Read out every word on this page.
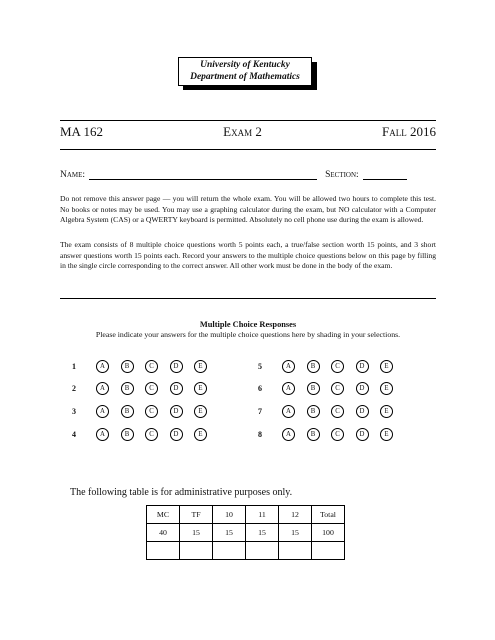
University of Kentucky
Department of Mathematics
MA 162	Exam 2	Fall 2016
Name:	Section:
Do not remove this answer page — you will return the whole exam. You will be allowed two hours to complete this test. No books or notes may be used. You may use a graphing calculator during the exam, but NO calculator with a Computer Algebra System (CAS) or a QWERTY keyboard is permitted. Absolutely no cell phone use during the exam is allowed.
The exam consists of 8 multiple choice questions worth 5 points each, a true/false section worth 15 points, and 3 short answer questions worth 15 points each. Record your answers to the multiple choice questions below on this page by filling in the single circle corresponding to the correct answer. All other work must be done in the body of the exam.
Multiple Choice Responses
Please indicate your answers for the multiple choice questions here by shading in your selections.
1	A	B	C	D	E
2	A	B	C	D	E
3	A	B	C	D	E
4	A	B	C	D	E
5	A	B	C	D	E
6	A	B	C	D	E
7	A	B	C	D	E
8	A	B	C	D	E
The following table is for administrative purposes only.
MC	TF	10	11	12	Total
40	15	15	15	15	100
